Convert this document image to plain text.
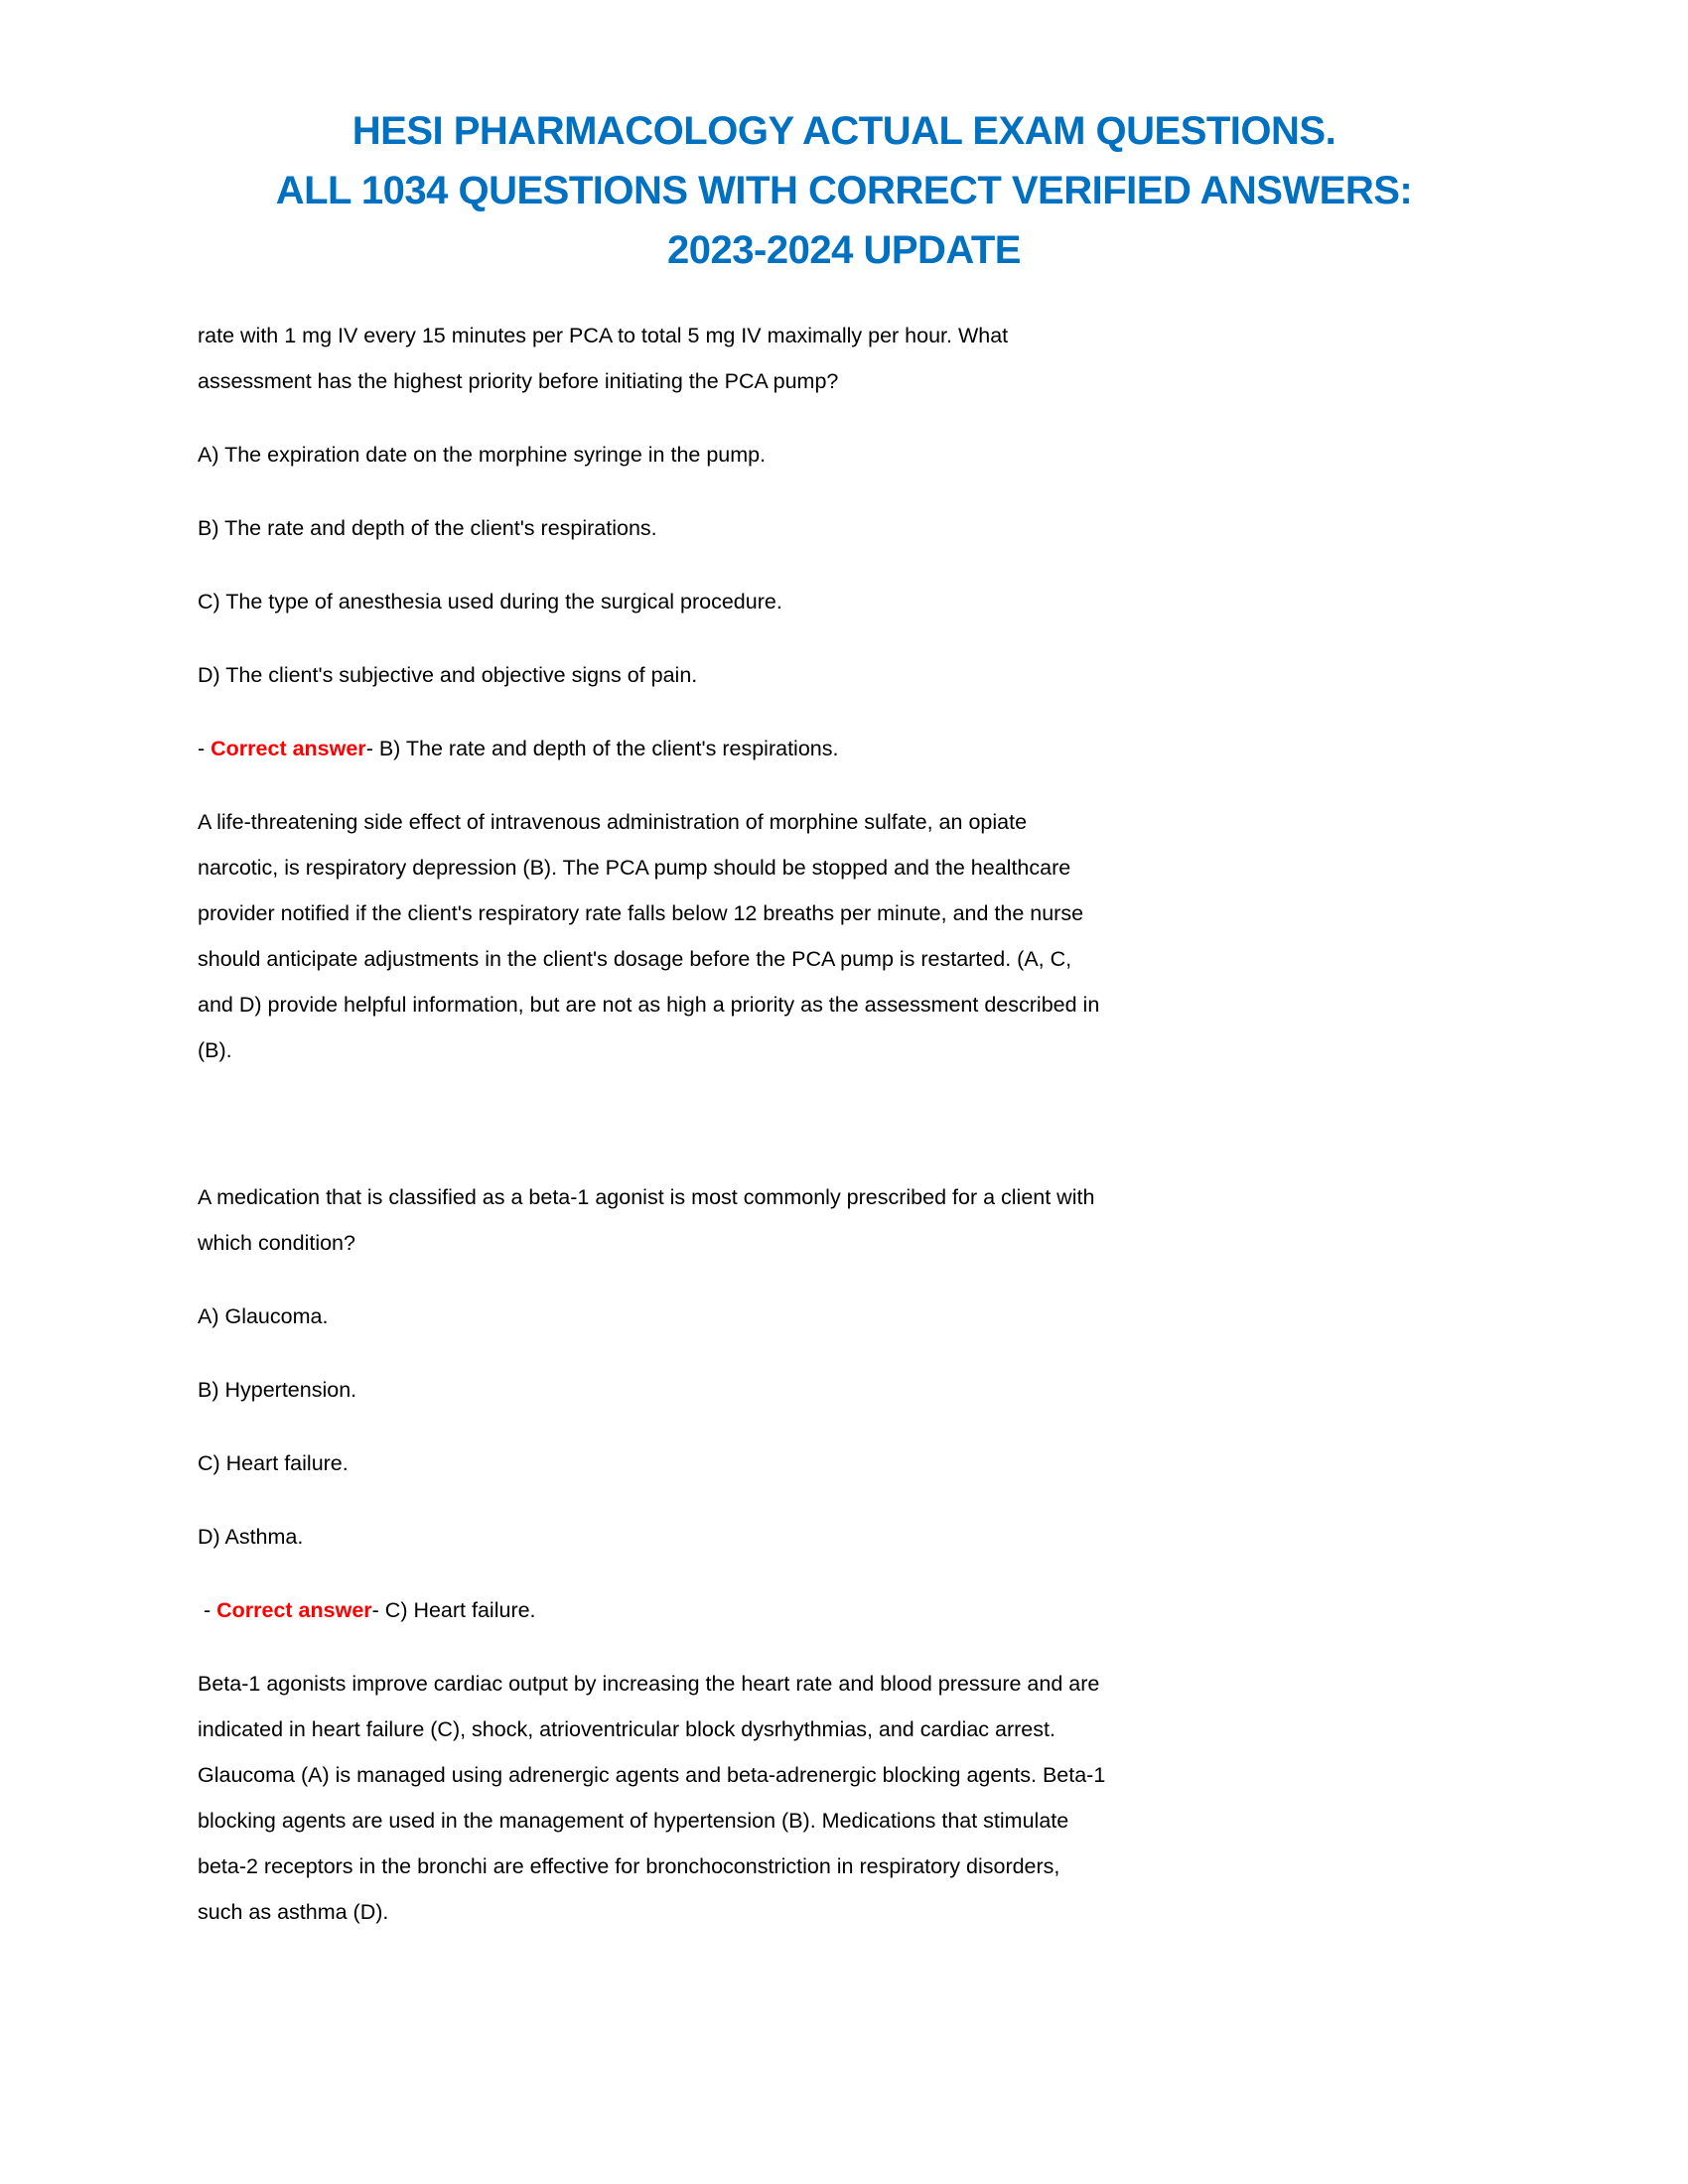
HESI PHARMACOLOGY ACTUAL EXAM QUESTIONS.
ALL 1034 QUESTIONS WITH CORRECT VERIFIED ANSWERS:
2023-2024 UPDATE
rate with 1 mg IV every 15 minutes per PCA to total 5 mg IV maximally per hour. What
assessment has the highest priority before initiating the PCA pump?
A) The expiration date on the morphine syringe in the pump.
B) The rate and depth of the client's respirations.
C) The type of anesthesia used during the surgical procedure.
D) The client's subjective and objective signs of pain.
- Correct answer- B) The rate and depth of the client's respirations.
A life-threatening side effect of intravenous administration of morphine sulfate, an opiate
narcotic, is respiratory depression (B). The PCA pump should be stopped and the healthcare
provider notified if the client's respiratory rate falls below 12 breaths per minute, and the nurse
should anticipate adjustments in the client's dosage before the PCA pump is restarted. (A, C,
and D) provide helpful information, but are not as high a priority as the assessment described in
(B).
A medication that is classified as a beta-1 agonist is most commonly prescribed for a client with
which condition?
A) Glaucoma.
B) Hypertension.
C) Heart failure.
D) Asthma.
- Correct answer- C) Heart failure.
Beta-1 agonists improve cardiac output by increasing the heart rate and blood pressure and are
indicated in heart failure (C), shock, atrioventricular block dysrhythmias, and cardiac arrest.
Glaucoma (A) is managed using adrenergic agents and beta-adrenergic blocking agents. Beta-1
blocking agents are used in the management of hypertension (B). Medications that stimulate
beta-2 receptors in the bronchi are effective for bronchoconstriction in respiratory disorders,
such as asthma (D).
